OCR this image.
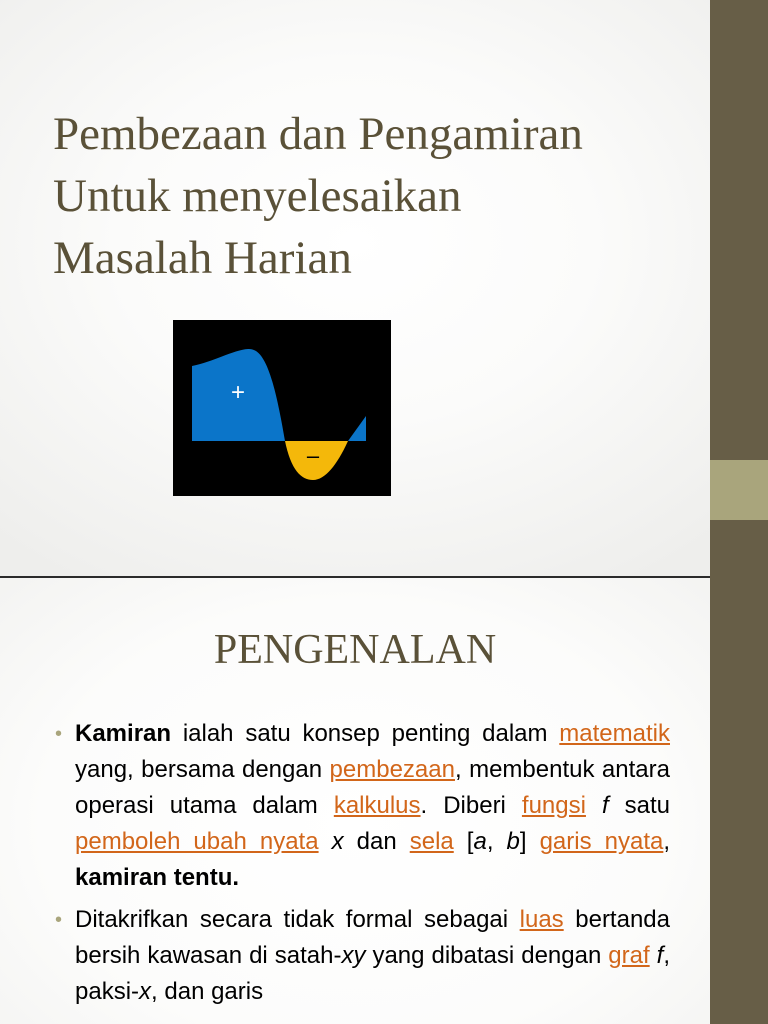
Pembezaan dan Pengamiran
Untuk menyelesaikan
Masalah Harian
+
–
PENGENALAN
• Kamiran ialah satu konsep penting dalam matematik yang, bersama dengan pembezaan, membentuk antara operasi utama dalam kalkulus. Diberi fungsi f satu pemboleh ubah nyata x dan sela [a, b] garis nyata, kamiran tentu.
• Ditakrifkan secara tidak formal sebagai luas bertanda bersih kawasan di satah-xy yang dibatasi dengan graf f, paksi-x, dan garis
